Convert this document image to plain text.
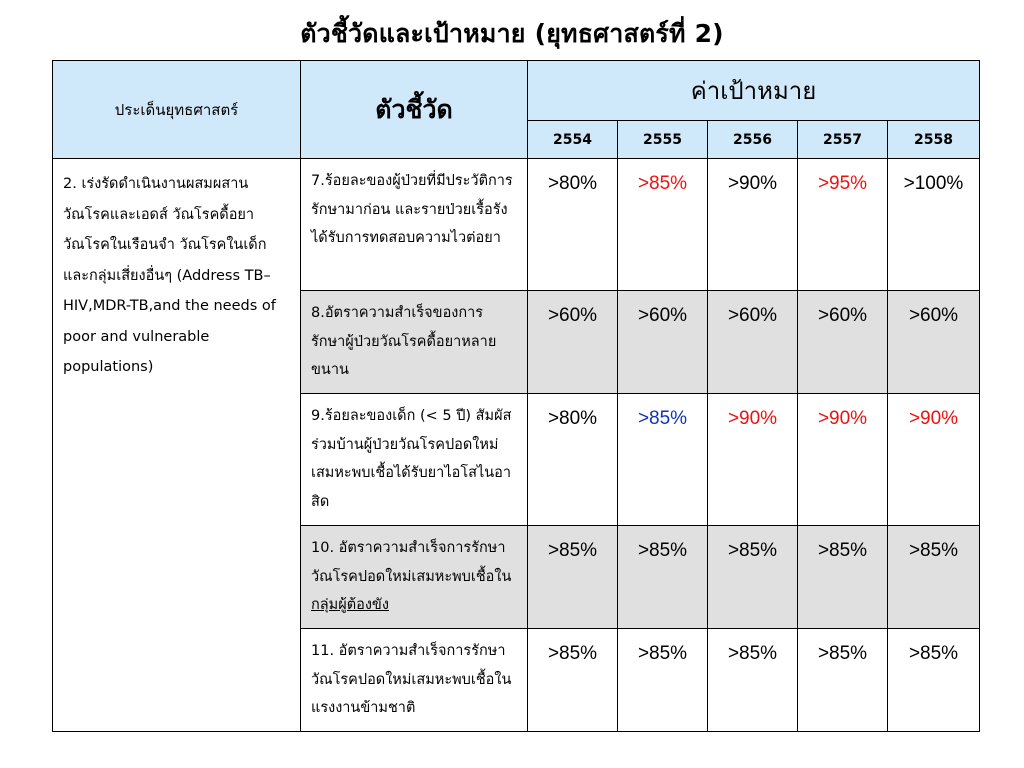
ตัวชี้วัดและเป้าหมาย (ยุทธศาสตร์ที่ 2)
ประเด็นยุทธศาสตร์	ตัวชี้วัด	ค่าเป้าหมาย				
		2554	2555	2556	2557	2558
2. เร่งรัดดำเนินงานผสมผสานวัณโรคและเอดส์ วัณโรคดื้อยา วัณโรคในเรือนจำ วัณโรคในเด็กและกลุ่มเสี่ยงอื่นๆ (Address TB–HIV,MDR-TB,and the needs of poor and vulnerable populations)	7.ร้อยละของผู้ป่วยที่มีประวัติการรักษามาก่อน และรายป่วยเรื้อรังได้รับการทดสอบความไวต่อยา	>80%	>85%	>90%	>95%	>100%
	8.อัตราความสำเร็จของการรักษาผู้ป่วยวัณโรคดื้อยาหลายขนาน	>60%	>60%	>60%	>60%	>60%
	9.ร้อยละของเด็ก (< 5 ปี) สัมผัสร่วมบ้านผู้ป่วยวัณโรคปอดใหม่เสมหะพบเชื้อได้รับยาไอโสไนอาสิด	>80%	>85%	>90%	>90%	>90%
	10. อัตราความสำเร็จการรักษาวัณโรคปอดใหม่เสมหะพบเชื้อในกลุ่มผู้ต้องขัง	>85%	>85%	>85%	>85%	>85%
	11. อัตราความสำเร็จการรักษาวัณโรคปอดใหม่เสมหะพบเชื้อในแรงงานข้ามชาติ	>85%	>85%	>85%	>85%	>85%
